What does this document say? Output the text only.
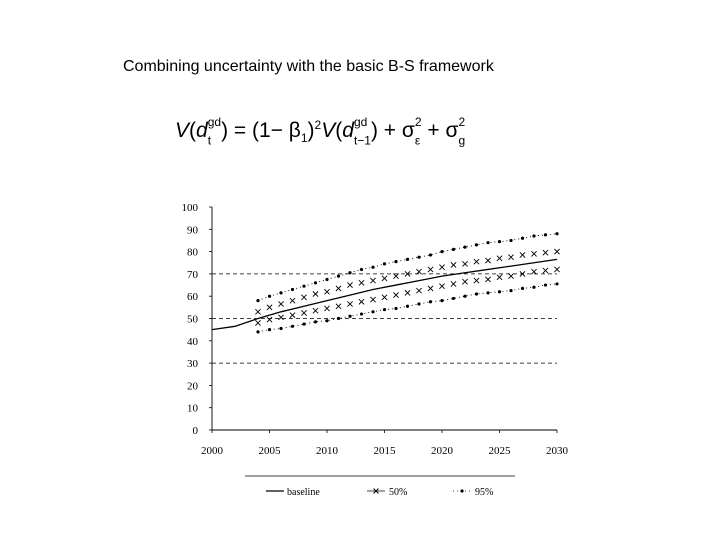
Combining uncertainty with the basic B-S framework
$V(d^{gd}$
$_t$ ) = $(1- \beta_1)^2V(d^{gd}$
$_{t-1}) + \sigma^2$
$_\varepsilon + \sigma^2$
$_g$
0
10
20
30
40
50
60
70
80
90
100
2000	2005	2010	2015	2020	2025	2030
baseline	50%	95%
